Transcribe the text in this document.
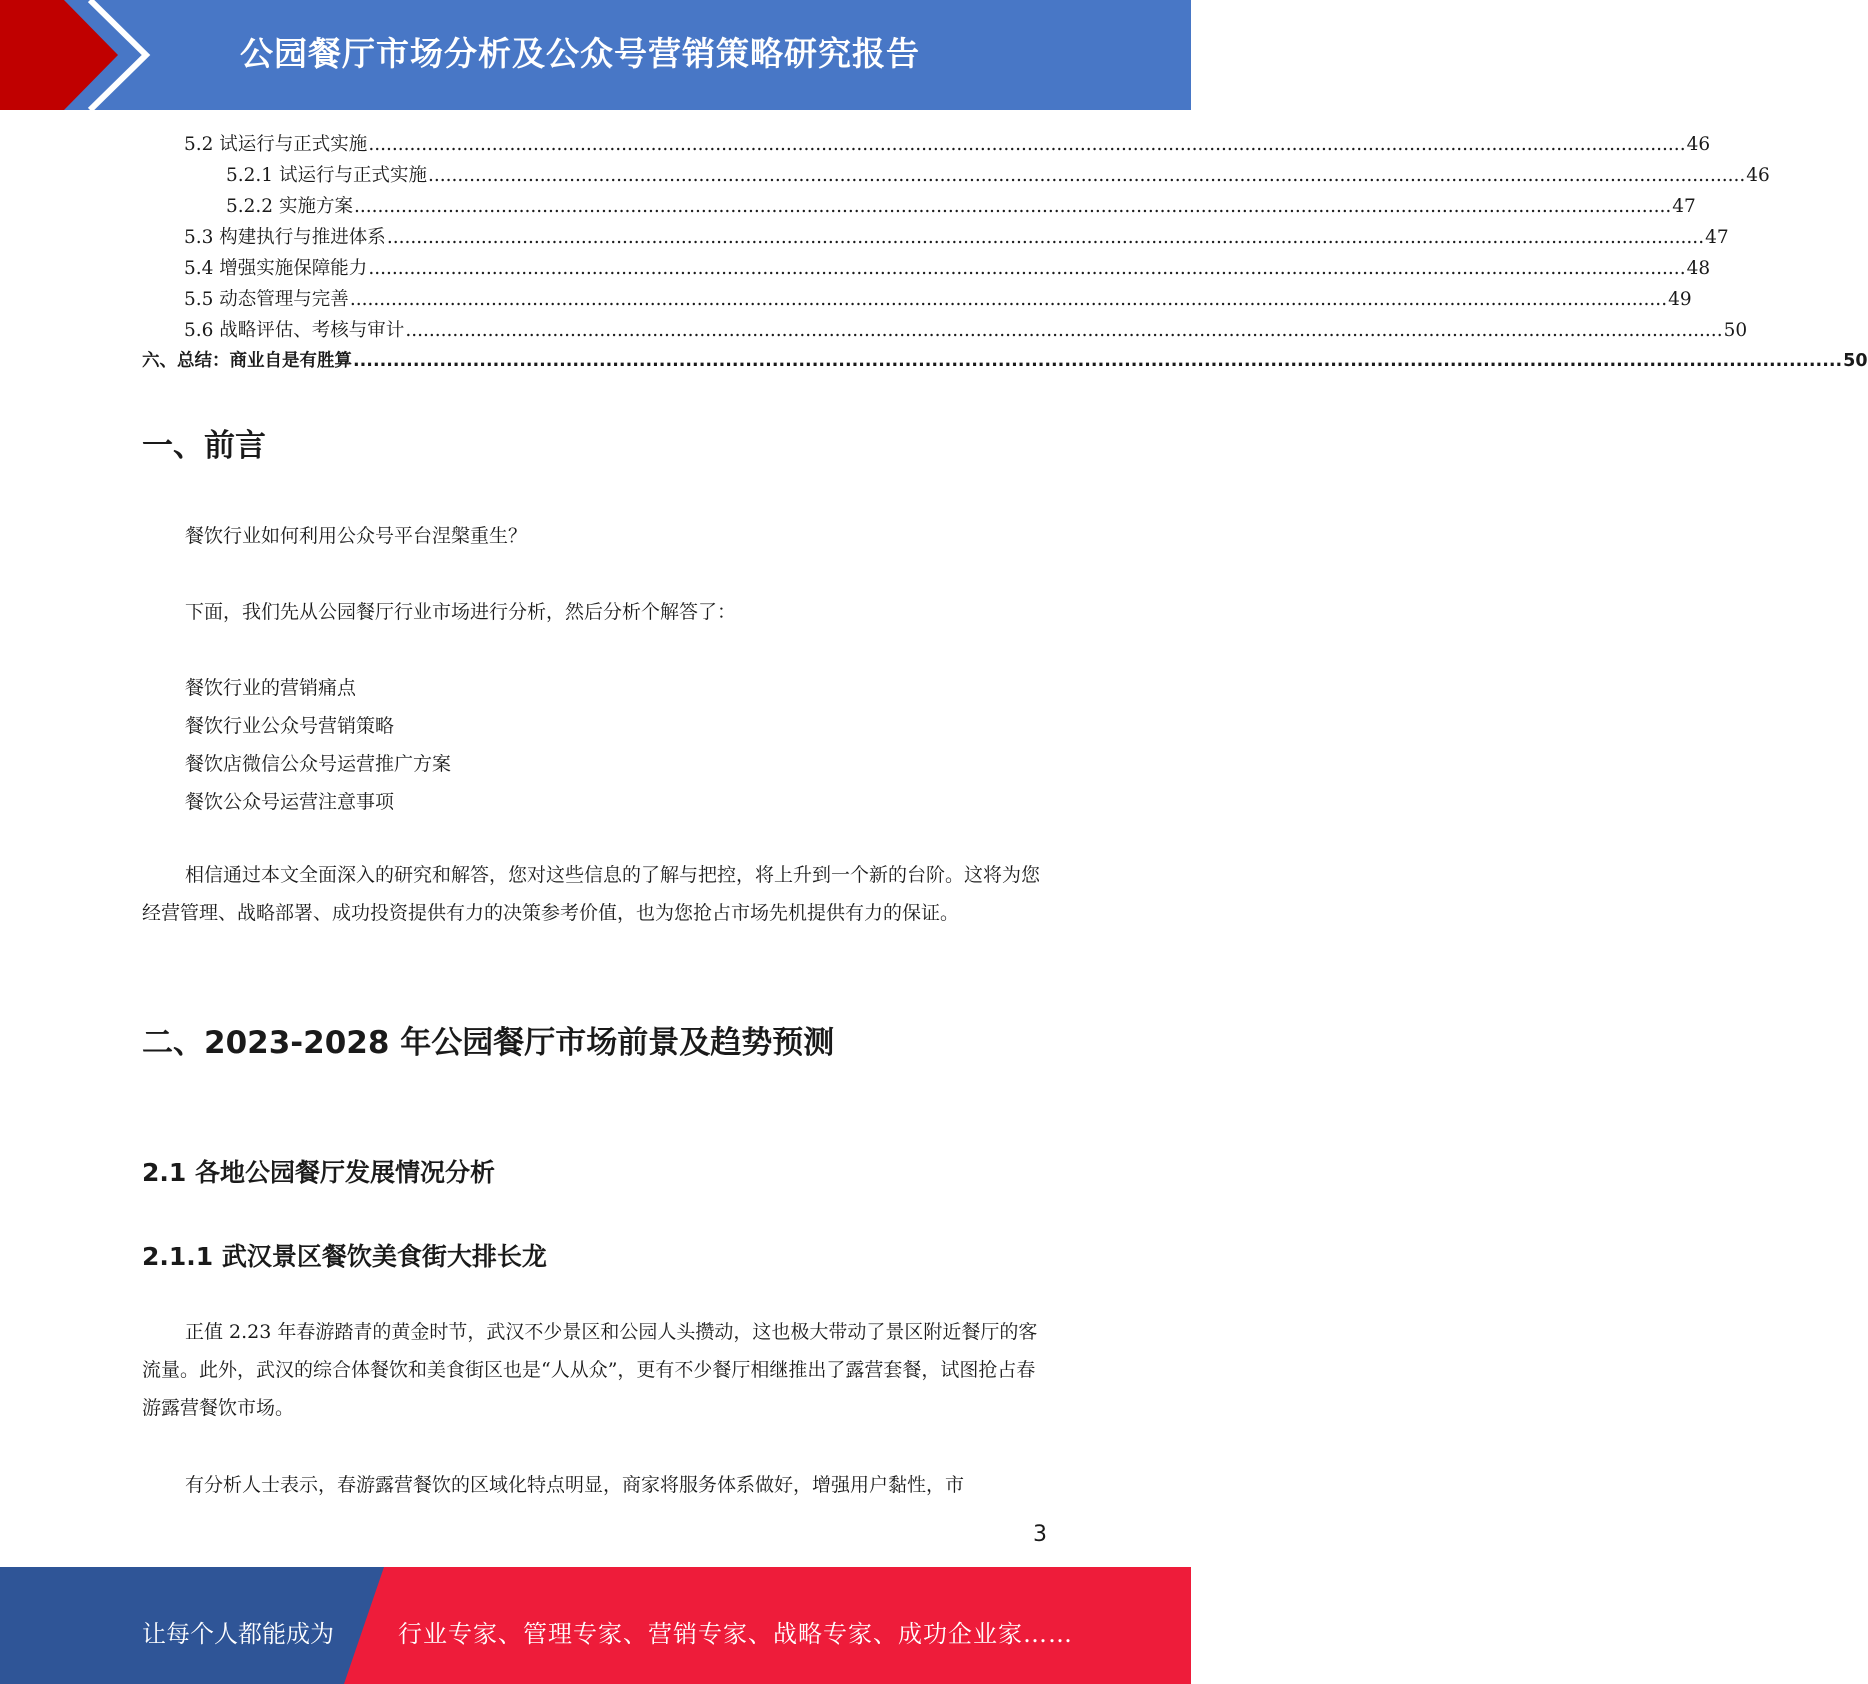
公园餐厅市场分析及公众号营销策略研究报告
5.2 试运行与正式实施 ................................................................................................................................................................................................................................ 46
5.2.1 试运行与正式实施 ................................................................................................................................................................................................................................ 46
5.2.2 实施方案 ................................................................................................................................................................................................................................ 47
5.3 构建执行与推进体系 ................................................................................................................................................................................................................................ 47
5.4 增强实施保障能力 ................................................................................................................................................................................................................................ 48
5.5 动态管理与完善 ................................................................................................................................................................................................................................ 49
5.6 战略评估、考核与审计 ................................................................................................................................................................................................................................ 50
六、总结：商业自是有胜算 ................................................................................................................................................................................................................................ 50
一、前言
餐饮行业如何利用公众号平台涅槃重生？
下面，我们先从公园餐厅行业市场进行分析，然后分析个解答了：
餐饮行业的营销痛点
餐饮行业公众号营销策略
餐饮店微信公众号运营推广方案
餐饮公众号运营注意事项
相信通过本文全面深入的研究和解答，您对这些信息的了解与把控，将上升到一个新的台阶。这将为您经营管理、战略部署、成功投资提供有力的决策参考价值，也为您抢占市场先机提供有力的保证。
二、2023-2028 年公园餐厅市场前景及趋势预测
2.1 各地公园餐厅发展情况分析
2.1.1 武汉景区餐饮美食街大排长龙
正值 2.23 年春游踏青的黄金时节，武汉不少景区和公园人头攒动，这也极大带动了景区附近餐厅的客流量。此外，武汉的综合体餐饮和美食街区也是“人从众”，更有不少餐厅相继推出了露营套餐，试图抢占春游露营餐饮市场。
有分析人士表示，春游露营餐饮的区域化特点明显，商家将服务体系做好，增强用户黏性，市
3
让每个人都能成为	行业专家、管理专家、营销专家、战略专家、成功企业家……
